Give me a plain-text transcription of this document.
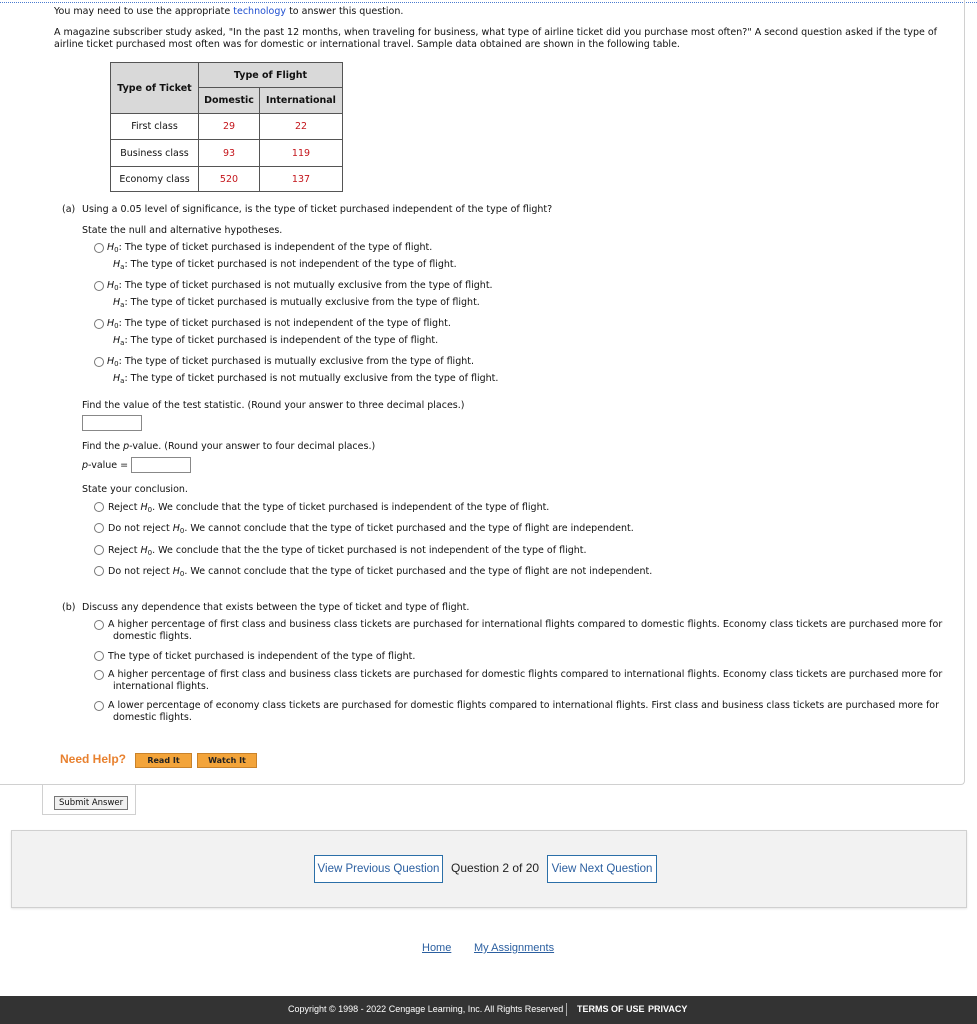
You may need to use the appropriate technology to answer this question.
A magazine subscriber study asked, "In the past 12 months, when traveling for business, what type of airline ticket did you purchase most often?" A second question asked if the type of
airline ticket purchased most often was for domestic or international travel. Sample data obtained are shown in the following table.
Type of Ticket	Type of Flight	
	Domestic	International
First class	29	22
Business class	93	119
Economy class	520	137
(a) Using a 0.05 level of significance, is the type of ticket purchased independent of the type of flight?
State the null and alternative hypotheses.
$H_0$: The type of ticket purchased is independent of the type of flight.
$H_a$: The type of ticket purchased is not independent of the type of flight.
$H_0$: The type of ticket purchased is not mutually exclusive from the type of flight.
$H_a$: The type of ticket purchased is mutually exclusive from the type of flight.
$H_0$: The type of ticket purchased is not independent of the type of flight.
$H_a$: The type of ticket purchased is independent of the type of flight.
$H_0$: The type of ticket purchased is mutually exclusive from the type of flight.
$H_a$: The type of ticket purchased is not mutually exclusive from the type of flight.
Find the value of the test statistic. (Round your answer to three decimal places.)
Find the p-value. (Round your answer to four decimal places.)
p-value =
State your conclusion.
Reject $H_0$. We conclude that the type of ticket purchased is independent of the type of flight.
Do not reject $H_0$. We cannot conclude that the type of ticket purchased and the type of flight are independent.
Reject $H_0$. We conclude that the the type of ticket purchased is not independent of the type of flight.
Do not reject $H_0$. We cannot conclude that the type of ticket purchased and the type of flight are not independent.
(b) Discuss any dependence that exists between the type of ticket and type of flight.
A higher percentage of first class and business class tickets are purchased for international flights compared to domestic flights. Economy class tickets are purchased more for
domestic flights.
The type of ticket purchased is independent of the type of flight.
A higher percentage of first class and business class tickets are purchased for domestic flights compared to international flights. Economy class tickets are purchased more for
international flights.
A lower percentage of economy class tickets are purchased for domestic flights compared to international flights. First class and business class tickets are purchased more for
domestic flights.
Need Help?	Read It	Watch It
Submit Answer
View Previous Question Question 2 of 20	View Next Question
Home My Assignments
Copyright © 1998 - 2022 Cengage Learning, Inc. All Rights Reserved TERMS OF USE PRIVACY
